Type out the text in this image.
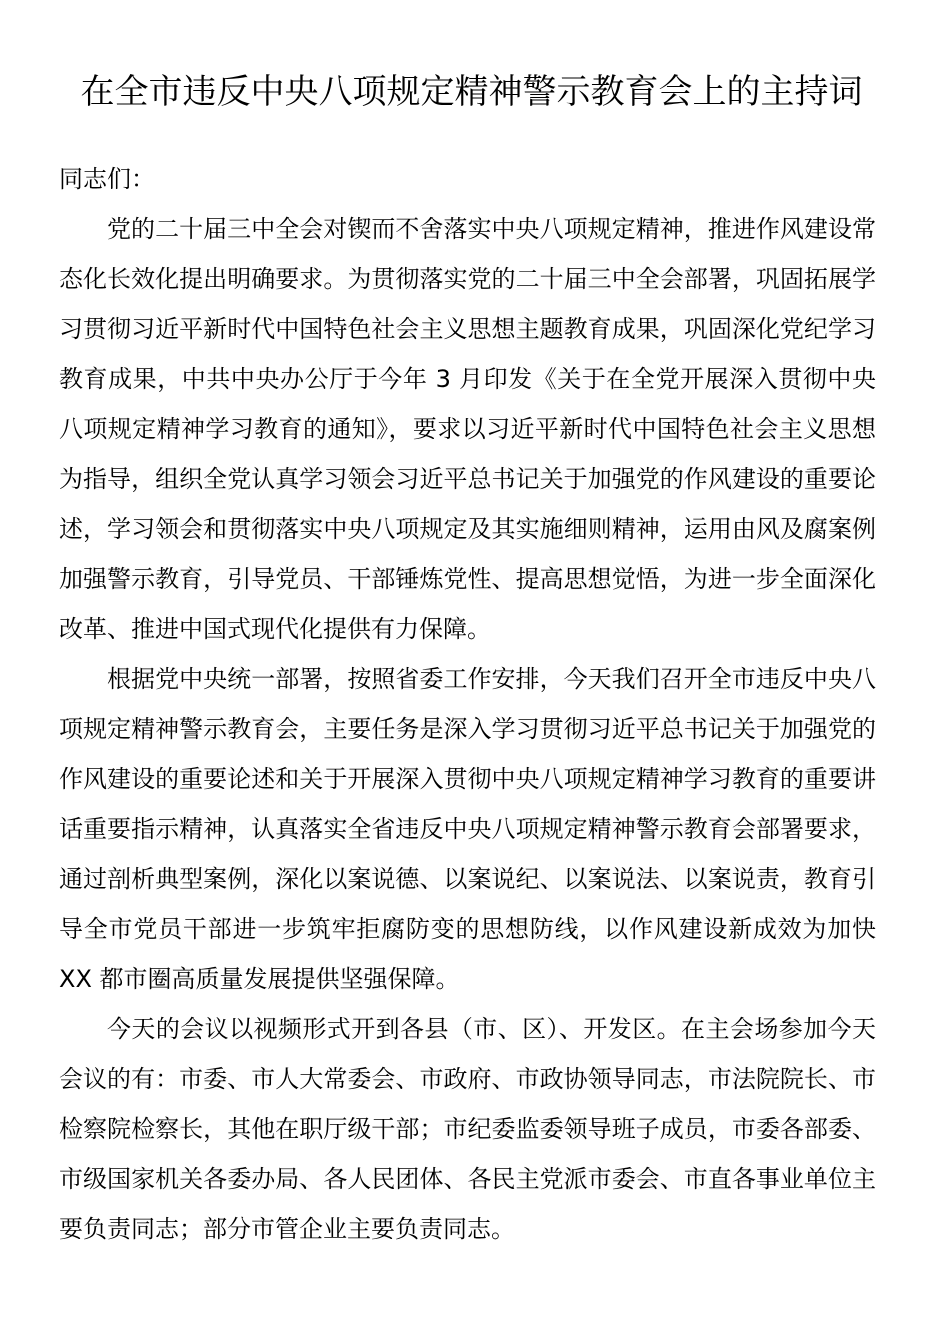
在全市违反中央八项规定精神警示教育会上的主持词

同志们：

党的二十届三中全会对锲而不舍落实中央八项规定精神，推进作风建设常态化长效化提出明确要求。为贯彻落实党的二十届三中全会部署，巩固拓展学习贯彻习近平新时代中国特色社会主义思想主题教育成果，巩固深化党纪学习教育成果，中共中央办公厅于今年 3 月印发《关于在全党开展深入贯彻中央八项规定精神学习教育的通知》，要求以习近平新时代中国特色社会主义思想为指导，组织全党认真学习领会习近平总书记关于加强党的作风建设的重要论述，学习领会和贯彻落实中央八项规定及其实施细则精神，运用由风及腐案例加强警示教育，引导党员、干部锤炼党性、提高思想觉悟，为进一步全面深化改革、推进中国式现代化提供有力保障。

根据党中央统一部署，按照省委工作安排，今天我们召开全市违反中央八项规定精神警示教育会，主要任务是深入学习贯彻习近平总书记关于加强党的作风建设的重要论述和关于开展深入贯彻中央八项规定精神学习教育的重要讲话重要指示精神，认真落实全省违反中央八项规定精神警示教育会部署要求，通过剖析典型案例，深化以案说德、以案说纪、以案说法、以案说责，教育引导全市党员干部进一步筑牢拒腐防变的思想防线，以作风建设新成效为加快 XX 都市圈高质量发展提供坚强保障。

今天的会议以视频形式开到各县（市、区）、开发区。在主会场参加今天会议的有：市委、市人大常委会、市政府、市政协领导同志，市法院院长、市检察院检察长，其他在职厅级干部；市纪委监委领导班子成员，市委各部委、市级国家机关各委办局、各人民团体、各民主党派市委会、市直各事业单位主要负责同志；部分市管企业主要负责同志。
